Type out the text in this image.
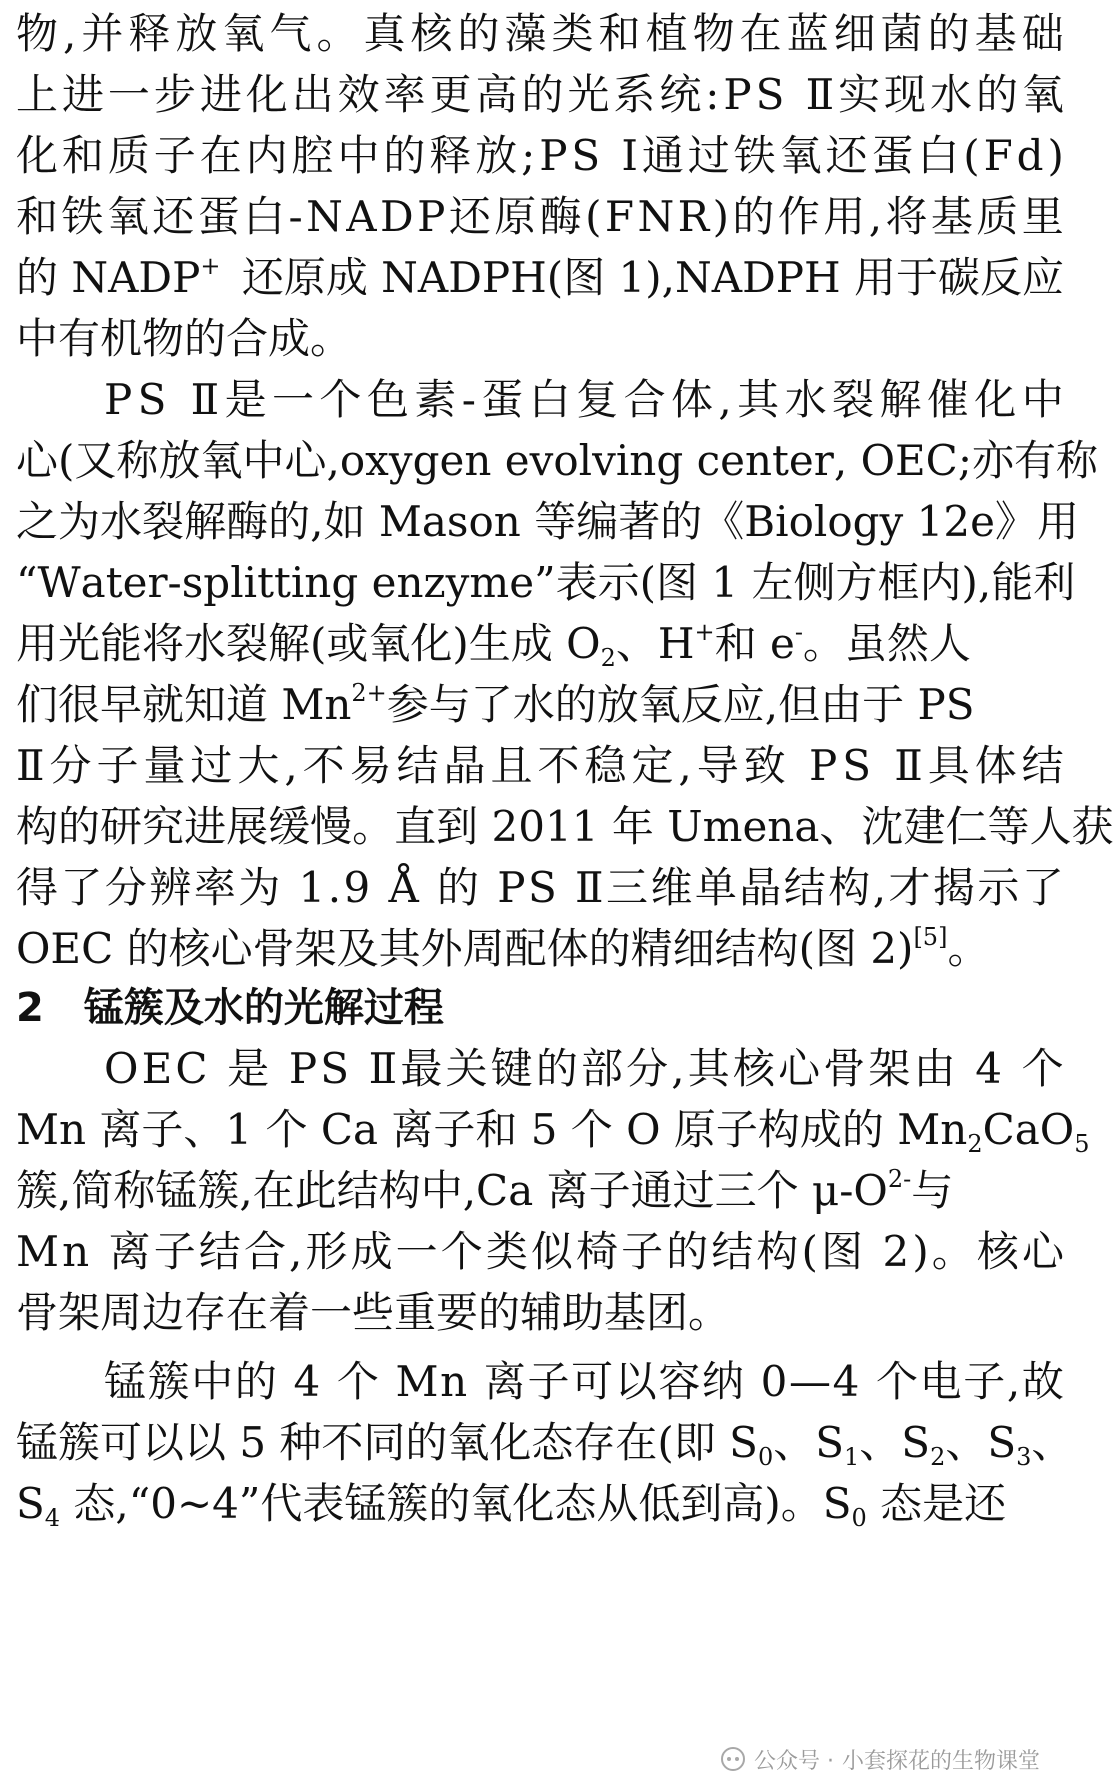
物 , 并 释 放 氧 气 。 真 核 的 藻 类 和 植 物 在 蓝 细 菌 的 基 础
上 进 一 步 进 化 出 效 率 更 高 的 光 系 统 : P S
Ⅱ 实 现 水 的 氧
化 和 质 子 在 内 腔 中 的 释 放 ; P S
Ⅰ 通 过 铁 氧 还 蛋 白 ( F d )
和 铁 氧 还 蛋 白 - N A D P 还 原 酶 ( F N R ) 的 作 用 , 将 基 质 里
的 NADP+ 还原成 NADPH(图 1),NADPH 用于碳反应
中有机物的合成。
P S
Ⅱ 是 一 个 色 素 - 蛋 白 复 合 体 , 其 水 裂 解 催 化 中
心 ( 又 称 放 氧 中 心 , o x y g e n
e v o l v i n g
c e n t e r ,
O E C ; 亦 有 称
之 为 水 裂 解 酶 的 , 如
M a s o n
等 编 著 的 《 B i o l o g y
1 2 e 》 用
“ W a t e r - s p l i t t i n g
e n z y m e ” 表 示 ( 图
1
左 侧 方 框 内 ) , 能 利
用光能将水裂解(或氧化)生成 $O_2$、H+和 e-。虽然人
们很早就知道 $Mn^{2+}$参与了水的放氧反应,但由于 PS
Ⅱ 分 子 量 过 大 , 不 易 结 晶 且 不 稳 定 , 导 致
P S
Ⅱ 具 体 结
构 的 研 究 进 展 缓 慢 。 直 到
2 0 1 1
年
U m e n a 、 沈 建 仁 等 人 获
得 了 分 辨 率 为
1 . 9
Å
的
P S
Ⅱ 三 维 单 晶 结 构 , 才 揭 示 了
OEC 的核心骨架及其外周配体的精细结构(图 2)[5]。
2　锰簇及水的光解过程
O E C
是
P S
Ⅱ 最 关 键 的 部 分 , 其 核 心 骨 架 由
4
个
Mn 离子、1 个 Ca 离子和 5 个 O 原子构成的 $Mn_2CaO_5$
簇,简称锰簇,在此结构中,Ca 离子通过三个 $\mu-O^{2-}$与
M n
离 子 结 合 , 形 成 一 个 类 似 椅 子 的 结 构 ( 图
2 ) 。 核 心
骨架周边存在着一些重要的辅助基团。
锰 簇 中 的
4
个
M n
离 子 可 以 容 纳
0 — 4
个 电 子 , 故
锰簇可以以 5 种不同的氧化态存在(即 $S_0$、$S_1$、$S_2$、$S_3$、
$S_4$ 态,“0~4”代表锰簇的氧化态从低到高)。$S_0$ 态是还
公众号 · 小套探花的生物课堂
